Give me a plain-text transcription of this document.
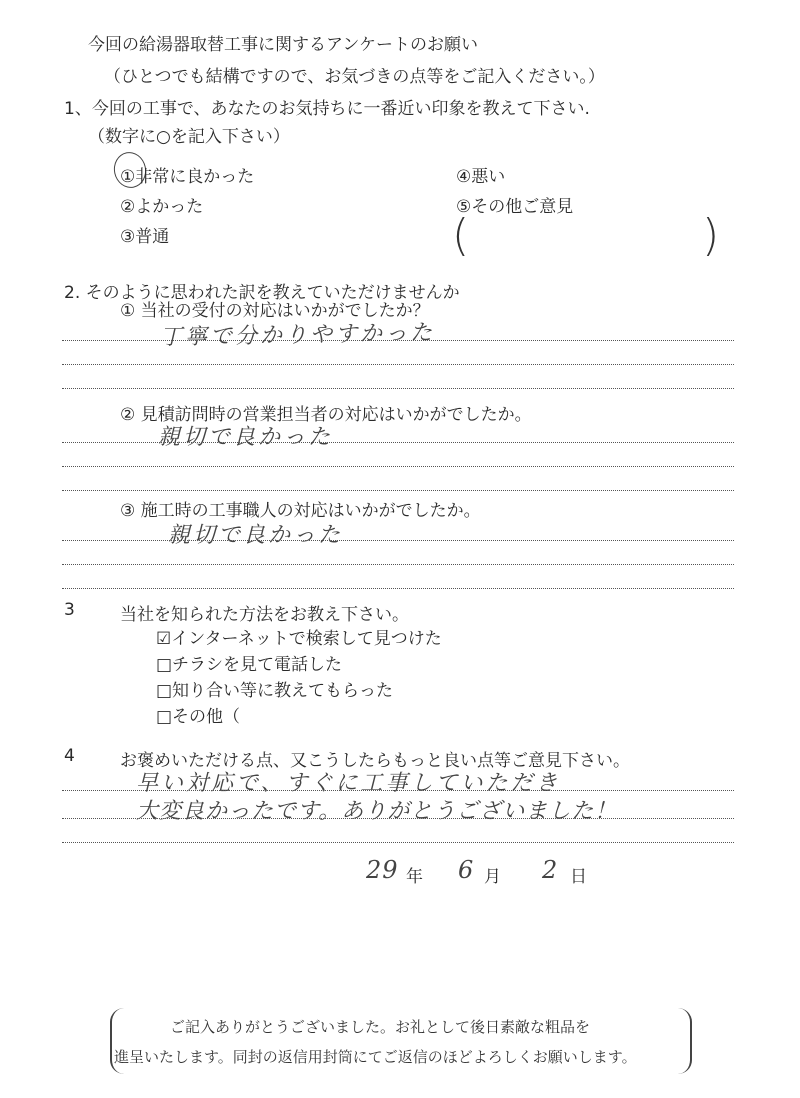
今回の給湯器取替工事に関するアンケートのお願い
（ひとつでも結構ですので、お気づきの点等をご記入ください。）
1、今回の工事で、あなたのお気持ちに一番近い印象を教えて下さい.
（数字に○を記入下さい）
①非常に良かった
②よかった
③普通
④悪い
⑤その他ご意見
(	)
2. そのように思われた訳を教えていただけませんか
① 当社の受付の対応はいかがでしたか？
丁寧で分かりやすかった
② 見積訪問時の営業担当者の対応はいかがでしたか。
親切で良かった
③ 施工時の工事職人の対応はいかがでしたか。
親切で良かった
3	当社を知られた方法をお教え下さい。
☑インターネットで検索して見つけた
□チラシを見て電話した
□知り合い等に教えてもらった
□その他（
4	お褒めいただける点、又こうしたらもっと良い点等ご意見下さい。
早い対応で、すぐに工事していただき
大変良かったです。ありがとうございました！
29 年 6 月 2 日
ご記入ありがとうございました。お礼として後日素敵な粗品を
進呈いたします。同封の返信用封筒にてご返信のほどよろしくお願いします。
